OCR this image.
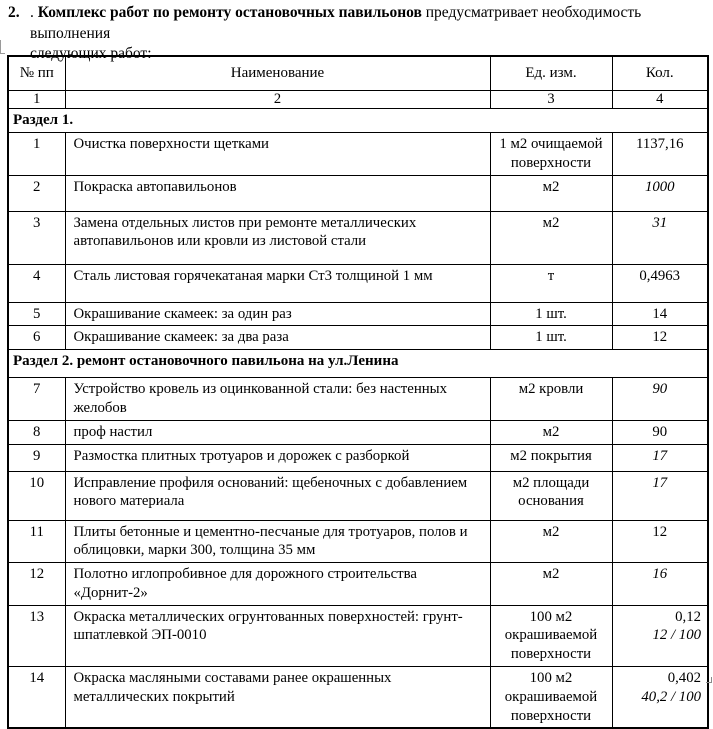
2. . Комплекс работ по ремонту остановочных павильонов предусматривает необходимость выполнения
следующих работ:
№ пп	Наименование	Ед. изм.	Кол.
1	2	3	4
Раздел 1.			
1	Очистка поверхности щетками	1 м2 очищаемой поверхности	1137,16

2	Покраска автопавильонов	м2	1000

3	Замена отдельных листов при ремонте металлических автопавильонов или кровли из листовой стали	м2	31

4	Сталь листовая горячекатаная марки Ст3 толщиной 1 мм	т	0,4963

5	Окрашивание скамеек: за один раз	1 шт.	14

6	Окрашивание скамеек: за два раза	1 шт.	12

Раздел 2. ремонт остановочного павильона на ул.Ленина			
7	Устройство кровель из оцинкованной стали: без настенных желобов	м2 кровли	90

8	проф настил	м2	90

9	Размостка плитных тротуаров и дорожек с разборкой	м2 покрытия	17

10	Исправление профиля оснований: щебеночных с добавлением нового материала	м2 площади основания	17

11	Плиты бетонные и цементно-песчаные для тротуаров, полов и облицовки, марки 300, толщина 35 мм	м2	12

12	Полотно иглопробивное для дорожного строительства «Дорнит-2»	м2	16

13	Окраска металлических огрунтованных поверхностей: грунт-шпатлевкой ЭП-0010	100 м2 окрашиваемой поверхности	0,12
12 / 100

14	Окраска масляными составами ранее окрашенных металлических покрытий	100 м2 окрашиваемой поверхности	0,402
40,2 / 100
